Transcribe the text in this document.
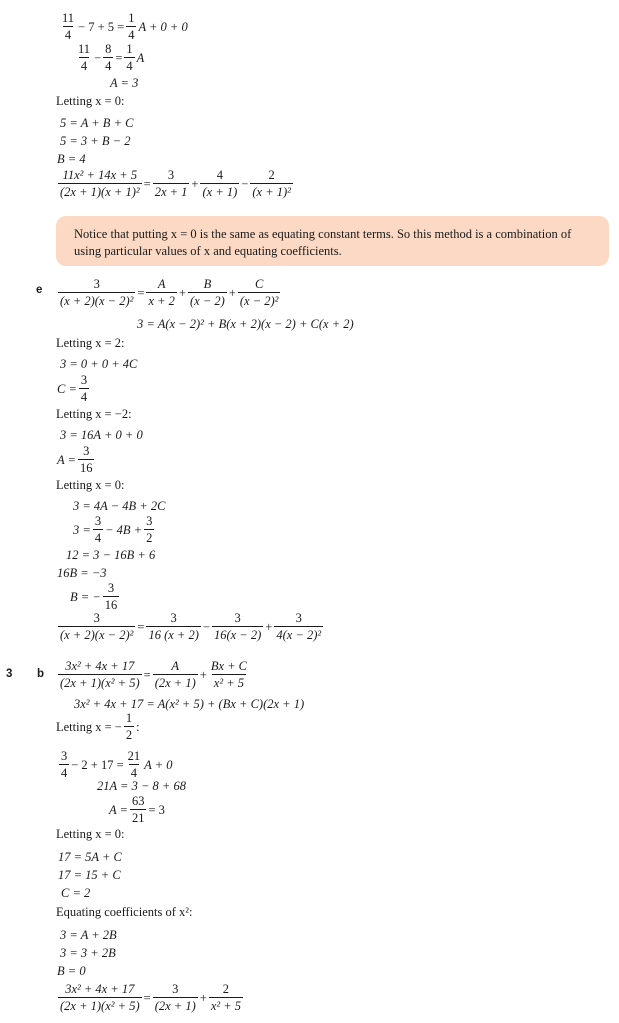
$\frac{11}{4} - 7 + 5 = \frac{1}{4}$ A + 0 + 0
$\frac{11}{4} - \frac{8}{4} = \frac{1}{4}$ A
A = 3
Letting x = 0:
5 = A + B + C
5 = 3 + B − 2
B = 4
$\frac{\text{11x² + 14x + 5}}{\text{(2x + 1)(x + 1)²}} = \frac{3}{2x + 1} + \frac{4}{(x + 1)} - \frac{2}{\text{(x + 1)²}}$
Notice that putting x = 0 is the same as equating constant terms. So this method is a combination of using particular values of x and equating coefficients.
e $\frac{3}{\text{(x + 2)(x − 2)²}} = \frac{A}{x + 2} + \frac{B}{(x - 2)} + \frac{C}{\text{(x − 2)²}}$
3 = A(x − 2)² + B(x + 2)(x − 2) + C(x + 2)
Letting x = 2:
3 = 0 + 0 + 4C
$C = \frac{3}{4}$
Letting x = −2:
3 = 16A + 0 + 0
$A = \frac{3}{16}$
Letting x = 0:
3 = 4A − 4B + 2C
$3 = \frac{3}{4} - 4B + \frac{3}{2}$
12 = 3 − 16B + 6
16B = −3
B = − $\frac{3}{16}$
$\frac{3}{\text{(x + 2)(x − 2)²}} = \frac{3}{16 (x + 2)} - \frac{3}{16(x - 2)} + \frac{3}{\text{4(x − 2)²}}$
3 b $\frac{\text{3x² + 4x + 17}}{\text{(2x + 1)(x² + 5)}} = \frac{A}{(2x + 1)} + \frac{Bx + C}{\text{x² + 5}}$
3x² + 4x + 17 = A(x² + 5) + (Bx + C)(2x + 1)
Letting x = − $\frac{1}{2}$ :
$\frac{3}{4} - 2 + 17 = \frac{21}{4}$ A + 0
21A = 3 − 8 + 68
$A = \frac{63}{21} = 3$
Letting x = 0:
17 = 5A + C
17 = 15 + C
C = 2
Equating coefficients of x²:
3 = A + 2B
3 = 3 + 2B
B = 0
$\frac{\text{3x² + 4x + 17}}{\text{(2x + 1)(x² + 5)}} = \frac{3}{(2x + 1)} + \frac{2}{\text{x² + 5}}$
